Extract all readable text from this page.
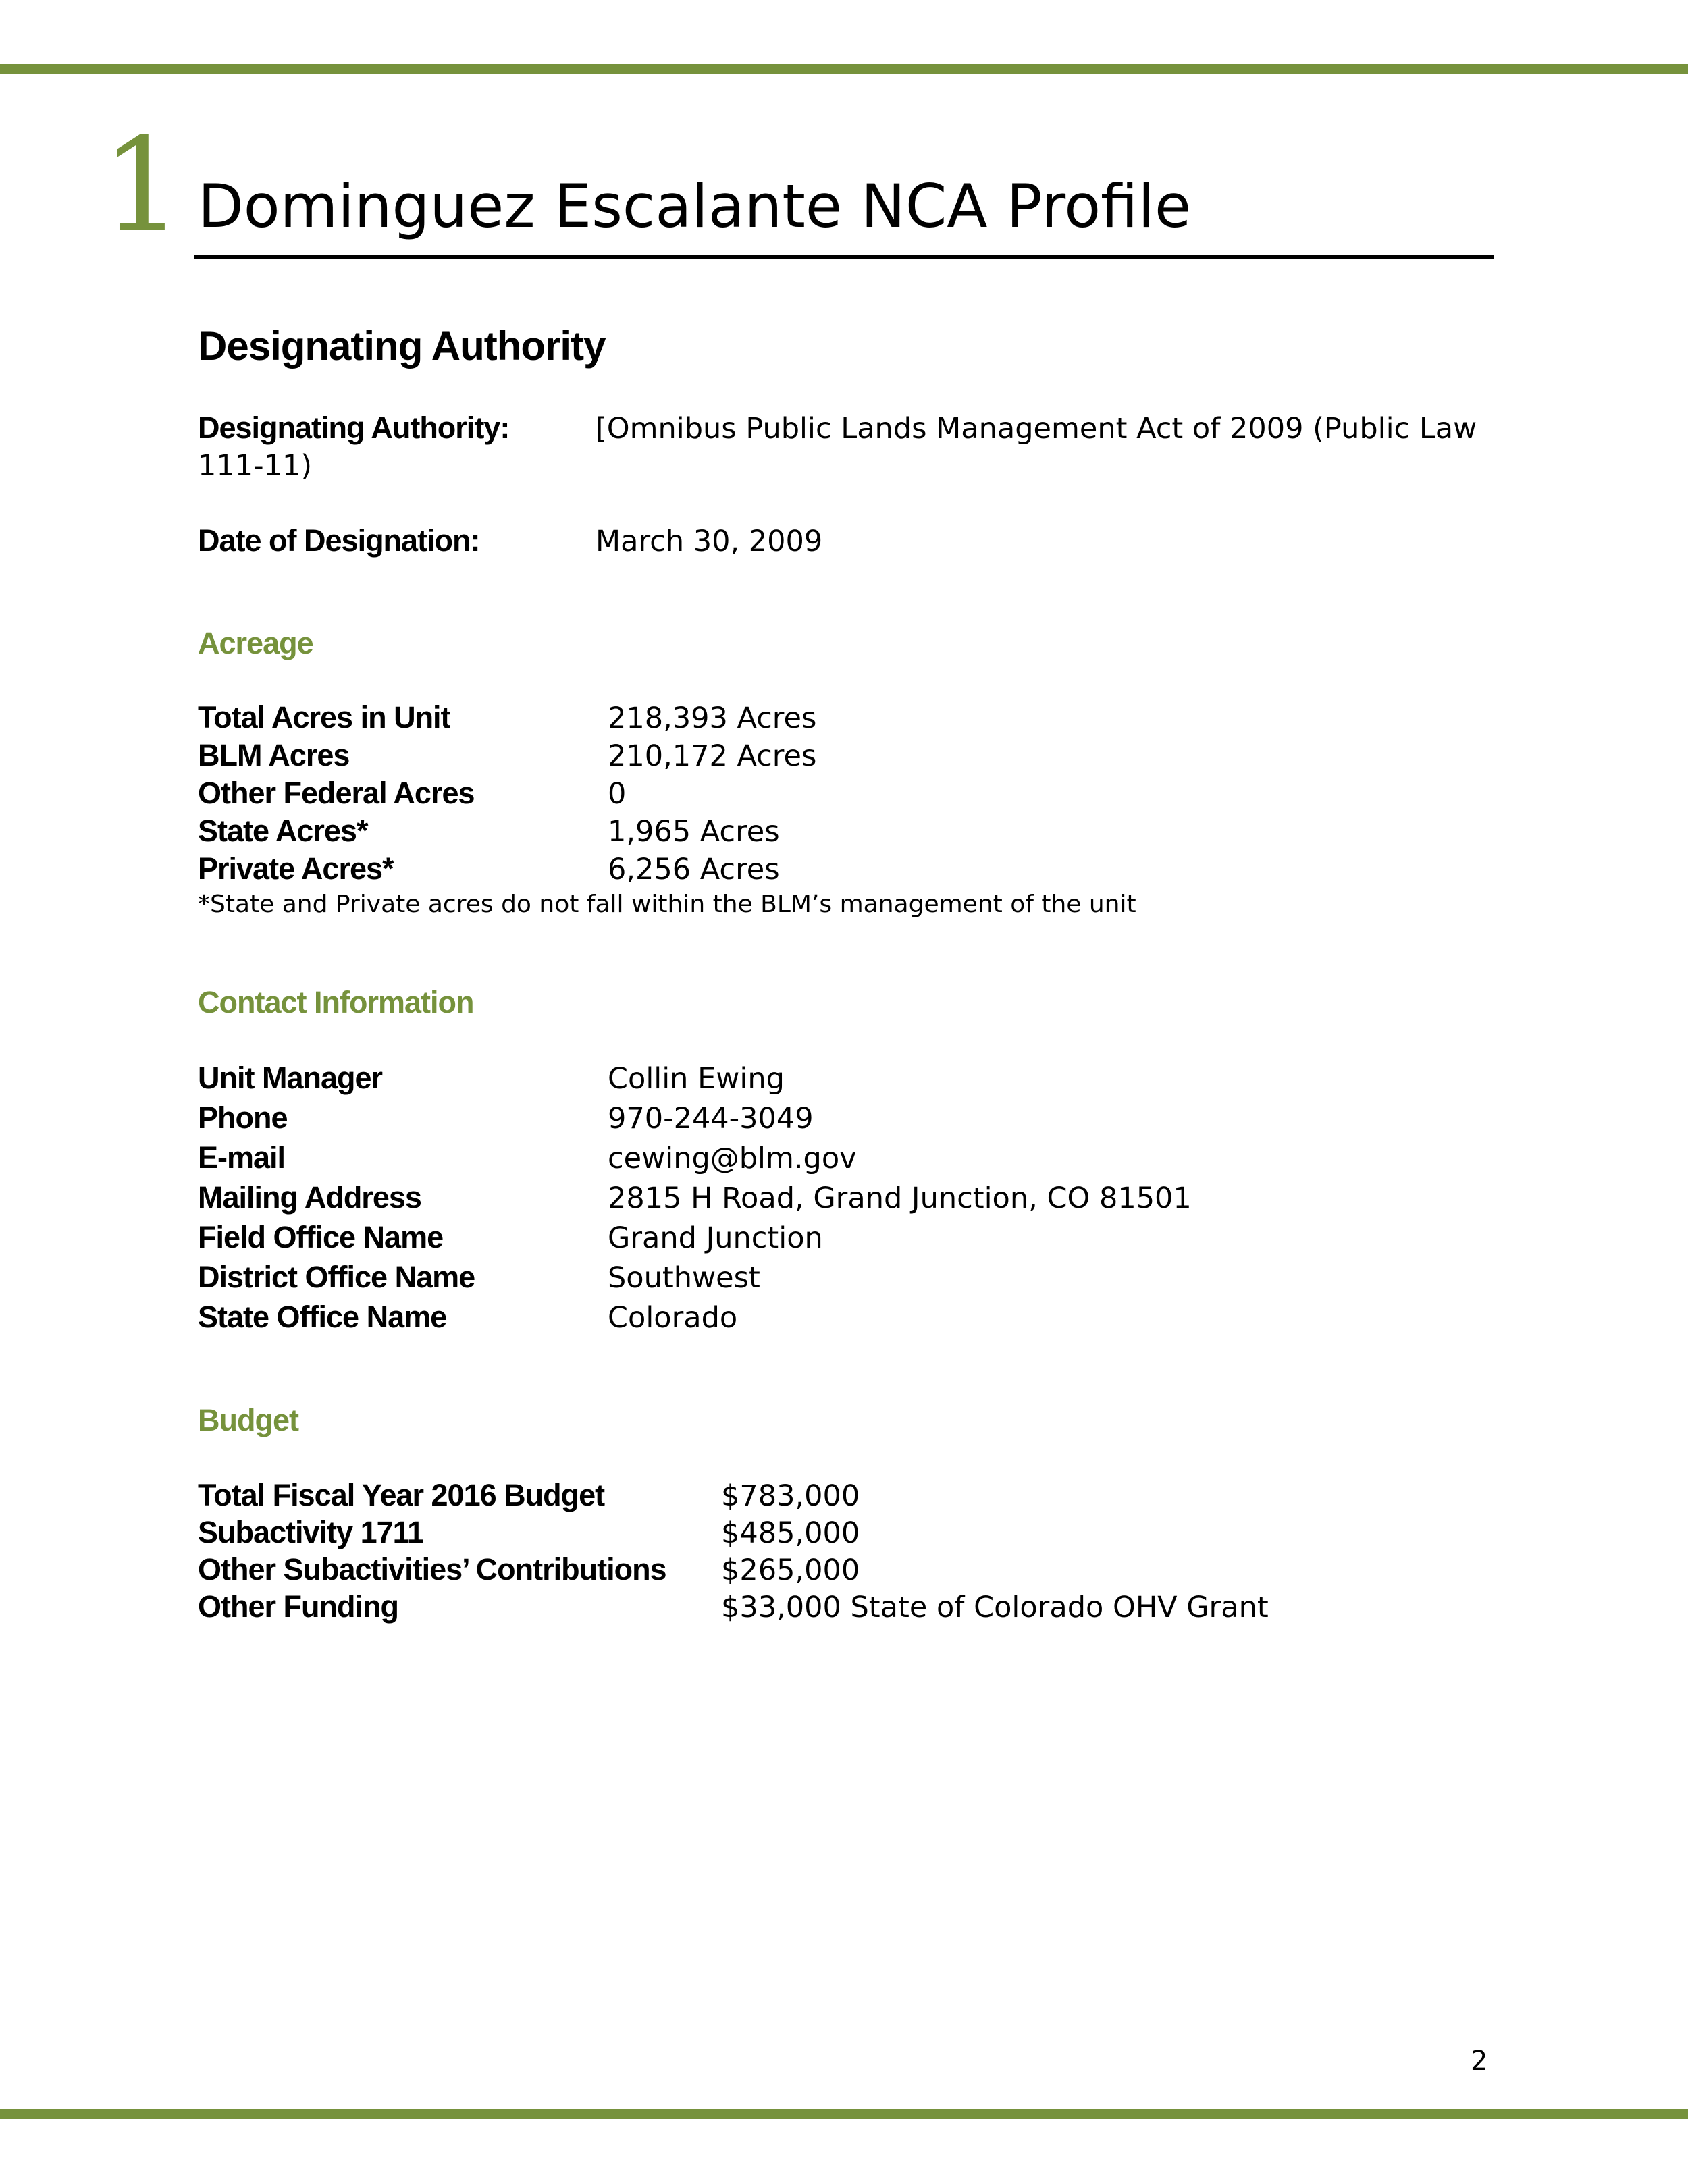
1 Dominguez Escalante NCA Profile
Designating Authority
Designating Authority:	[Omnibus Public Lands Management Act of 2009 (Public Law
111-11)
Date of Designation:	March 30, 2009
Acreage
Total Acres in Unit	218,393 Acres
BLM Acres	210,172 Acres
Other Federal Acres	0
State Acres*	1,965 Acres
Private Acres*	6,256 Acres
*State and Private acres do not fall within the BLM’s management of the unit
Contact Information
Unit Manager	Collin Ewing
Phone	970-244-3049
E-mail	cewing@blm.gov
Mailing Address	2815 H Road, Grand Junction, CO 81501
Field Office Name	Grand Junction
District Office Name	Southwest
State Office Name	Colorado
Budget
Total Fiscal Year 2016 Budget	$783,000
Subactivity 1711	$485,000
Other Subactivities’ Contributions $265,000
Other Funding	$33,000 State of Colorado OHV Grant
2
